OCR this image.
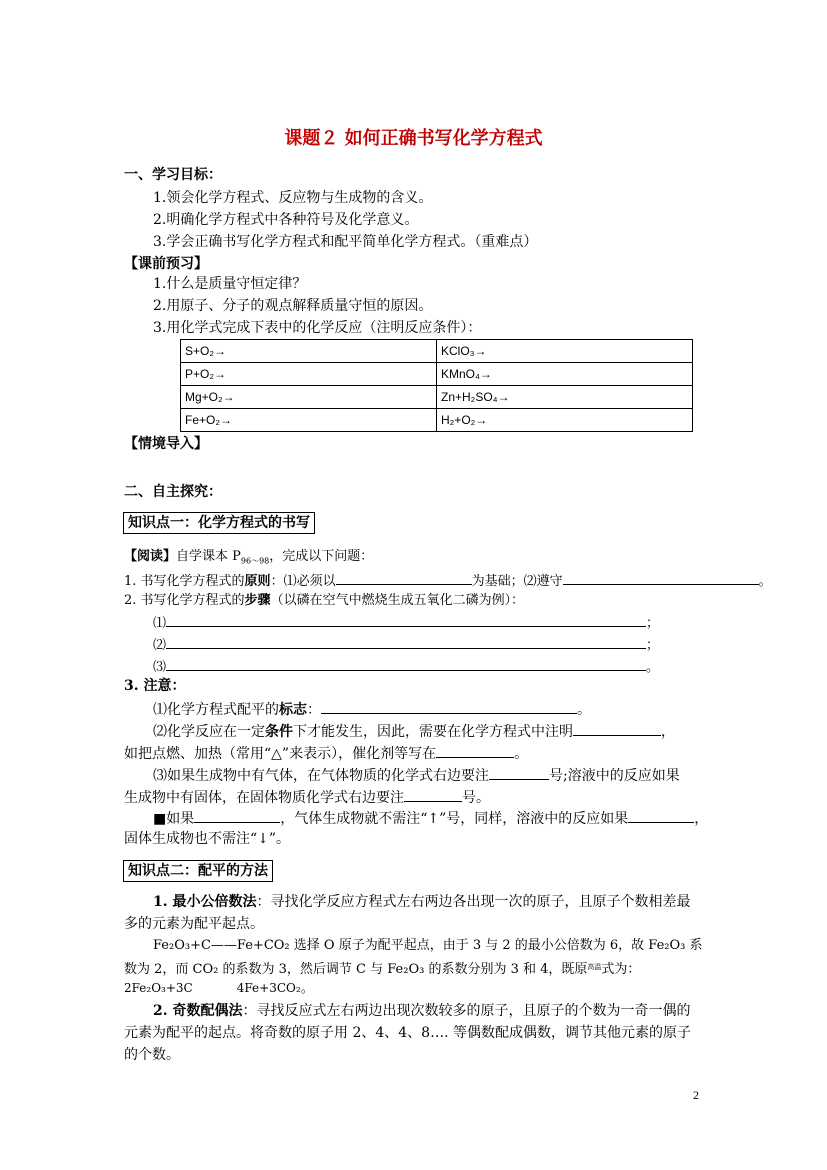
课题２ 如何正确书写化学方程式
一、学习目标：
1.领会化学方程式、反应物与生成物的含义。
2.明确化学方程式中各种符号及化学意义。
3.学会正确书写化学方程式和配平简单化学方程式。（重难点）
【课前预习】
1.什么是质量守恒定律？
2.用原子、分子的观点解释质量守恒的原因。
3.用化学式完成下表中的化学反应（注明反应条件）：
S+O₂→	KClO₃→
P+O₂→	KMnO₄→
Mg+O₂→	Zn+H₂SO₄→
Fe+O₂→	H₂+O₂→
【情境导入】
二、自主探究：
知识点一：化学方程式的书写
【阅读】自学课本 $P_{96\sim 98}$，完成以下问题：
1. 书写化学方程式的原则：⑴必须以	为基础；⑵遵守	。
2. 书写化学方程式的步骤（以磷在空气中燃烧生成五氧化二磷为例）：
⑴	；
⑵	；
⑶	。
3. 注意：
⑴化学方程式配平的标志：	。
⑵化学反应在一定条件下才能发生，因此，需要在化学方程式中注明	，
如把点燃、加热（常用“△”来表示），催化剂等写在	。
⑶如果生成物中有气体，在气体物质的化学式右边要注	号;溶液中的反应如果
生成物中有固体，在固体物质化学式右边要注	号。
■如果	，气体生成物就不需注“↑”号，同样，溶液中的反应如果	，
固体生成物也不需注“↓”。
知识点二：配平的方法
1. 最小公倍数法：寻找化学反应方程式左右两边各出现一次的原子，且原子个数相差最
多的元素为配平起点。
Fe₂O₃+C——Fe+CO₂ 选择 O 原子为配平起点，由于 3 与 2 的最小公倍数为 6，故 Fe₂O₃ 系
数为 2，而 CO₂ 的系数为 3，然后调节 C 与 Fe₂O₃ 的系数分别为 3 和 4，既原$^{高温}$式为：
2Fe₂O₃+3C	4Fe+3CO₂。
2. 奇数配偶法：寻找反应式左右两边出现次数较多的原子，且原子的个数为一奇一偶的
元素为配平的起点。将奇数的原子用 2、4、4、8…. 等偶数配成偶数，调节其他元素的原子
的个数。
2
